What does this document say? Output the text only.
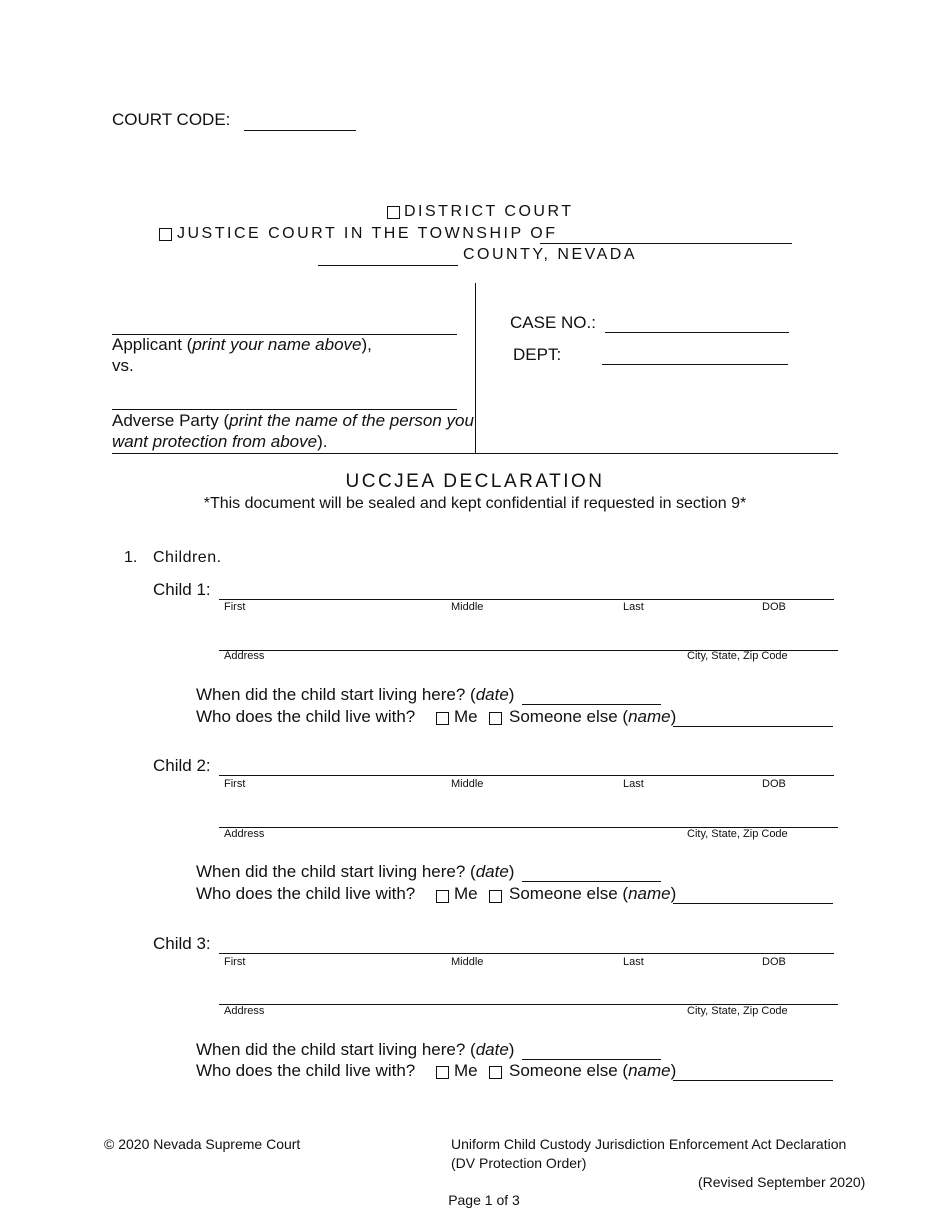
COURT CODE:
DISTRICT COURT
JUSTICE COURT IN THE TOWNSHIP OF
COUNTY, NEVADA
Applicant (print your name above),
vs.
Adverse Party (print the name of the person you
want protection from above).
CASE NO.:
DEPT:
UCCJEA DECLARATION
*This document will be sealed and kept confidential if requested in section 9*
1. Children.
Child 1:
First	Middle	Last	DOB
Address	City, State, Zip Code
When did the child start living here? (date)
Who does the child live with? Me Someone else (name)
Child 2:
First	Middle	Last	DOB
Address	City, State, Zip Code
When did the child start living here? (date)
Who does the child live with? Me Someone else (name)
Child 3:
First	Middle	Last	DOB
Address	City, State, Zip Code
When did the child start living here? (date)
Who does the child live with? Me Someone else (name)
© 2020 Nevada Supreme Court	Uniform Child Custody Jurisdiction Enforcement Act Declaration
(DV Protection Order)
(Revised September 2020)
Page 1 of 3
